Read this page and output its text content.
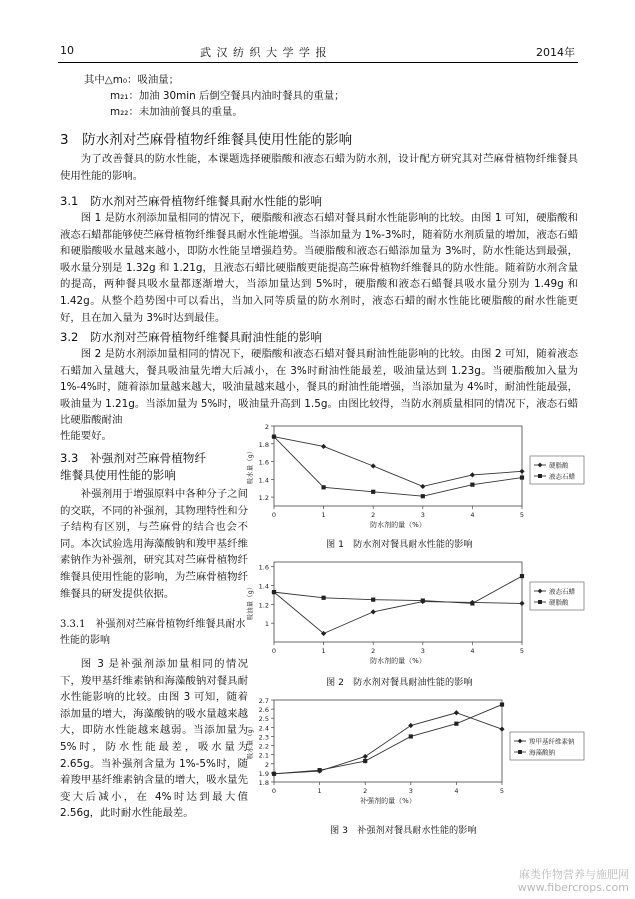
10	武 汉 纺 织 大 学 学 报	2014年
其中△m₀：吸油量；
m₂₁：加油 30min 后倒空餐具内油时餐具的重量；
m₂₂：未加油前餐具的重量。
3　防水剂对苎麻骨植物纤维餐具使用性能的影响
为了改善餐具的防水性能，本课题选择硬脂酸和液态石蜡为防水剂，设计配方研究其对苎麻骨植物纤维餐具使用性能的影响。
3.1　防水剂对苎麻骨植物纤维餐具耐水性能的影响
图 1 是防水剂添加量相同的情况下，硬脂酸和液态石蜡对餐具耐水性能影响的比较。由图 1 可知，硬脂酸和液态石蜡都能够使苎麻骨植物纤维餐具耐水性能增强。当添加量为 1%-3%时，随着防水剂质量的增加，液态石蜡和硬脂酸吸水量越来越小，即防水性能呈增强趋势。当硬脂酸和液态石蜡添加量为 3%时，防水性能达到最强，吸水量分别是 1.32g 和 1.21g，且液态石蜡比硬脂酸更能提高苎麻骨植物纤维餐具的防水性能。随着防水剂含量的提高，两种餐具吸水量都逐渐增大，当添加量达到 5%时，硬脂酸和液态石蜡餐具吸水量分别为 1.49g 和 1.42g。从整个趋势图中可以看出，当加入同等质量的防水剂时，液态石蜡的耐水性能比硬脂酸的耐水性能更好，且在加入量为 3%时达到最佳。
3.2　防水剂对苎麻骨植物纤维餐具耐油性能的影响
图 2 是防水剂添加量相同的情况下，硬脂酸和液态石蜡对餐具耐油性能影响的比较。由图 2 可知，随着液态石蜡加入量越大，餐具吸油量先增大后减小，在 3%时耐油性能最差，吸油量达到 1.23g。当硬脂酸加入量为 1%-4%时，随着添加量越来越大，吸油量越来越小，餐具的耐油性能增强，当添加量为 4%时，耐油性能最强，吸油量为 1.21g。当添加量为 5%时，吸油量升高到 1.5g。由图比较得，当防水剂质量相同的情况下，液态石蜡比硬脂酸耐油
性能要好。
3.3　补强剂对苎麻骨植物纤
维餐具使用性能的影响
补强剂用于增强原料中各种分子之间的交联，不同的补强剂，其物理特性和分子结构有区别，与苎麻骨的结合也会不同。本次试验选用海藻酸钠和羧甲基纤维素钠作为补强剂，研究其对苎麻骨植物纤维餐具使用性能的影响，为苎麻骨植物纤维餐具的研发提供依据。
3.3.1　补强剂对苎麻骨植物纤维餐具耐水性能的影响
图 3 是补强剂添加量相同的情况下，羧甲基纤维素钠和海藻酸钠对餐具耐水性能影响的比较。由图 3 可知，随着添加量的增大，海藻酸钠的吸水量越来越大，即防水性能越来越弱。当添加量为 5%时，防水性能最差，吸水量为 2.65g。当补强剂含量为 1%-5%时，随着羧甲基纤维素钠含量的增大，吸水量先变大后减小，在 4%时达到最大值 2.56g，此时耐水性能最差。
1.2
1.4
1.6
1.8
2
0	1	2	3	4	5
防水剂的量（%）
吸水量（g）	硬脂酸
液态石蜡
图 1　防水剂对餐具耐水性能的影响
1
1.2
1.4
1.6
0	1	2	3	4	5
防水剂的量（%）
吸油量（g）	液态石蜡
硬脂酸
图 2　防水剂对餐具耐油性能的影响
1.8
1.9
2
2.1
2.2
2.3
2.4
2.5
2.6
2.7
0	1	2	3	4	5
补强剂的量（%）
吸水量（g）	羧甲基纤维素钠
海藻酸钠
图 3　补强剂对餐具耐水性能的影响
麻类作物营养与施肥网
www.fibercrops.com
